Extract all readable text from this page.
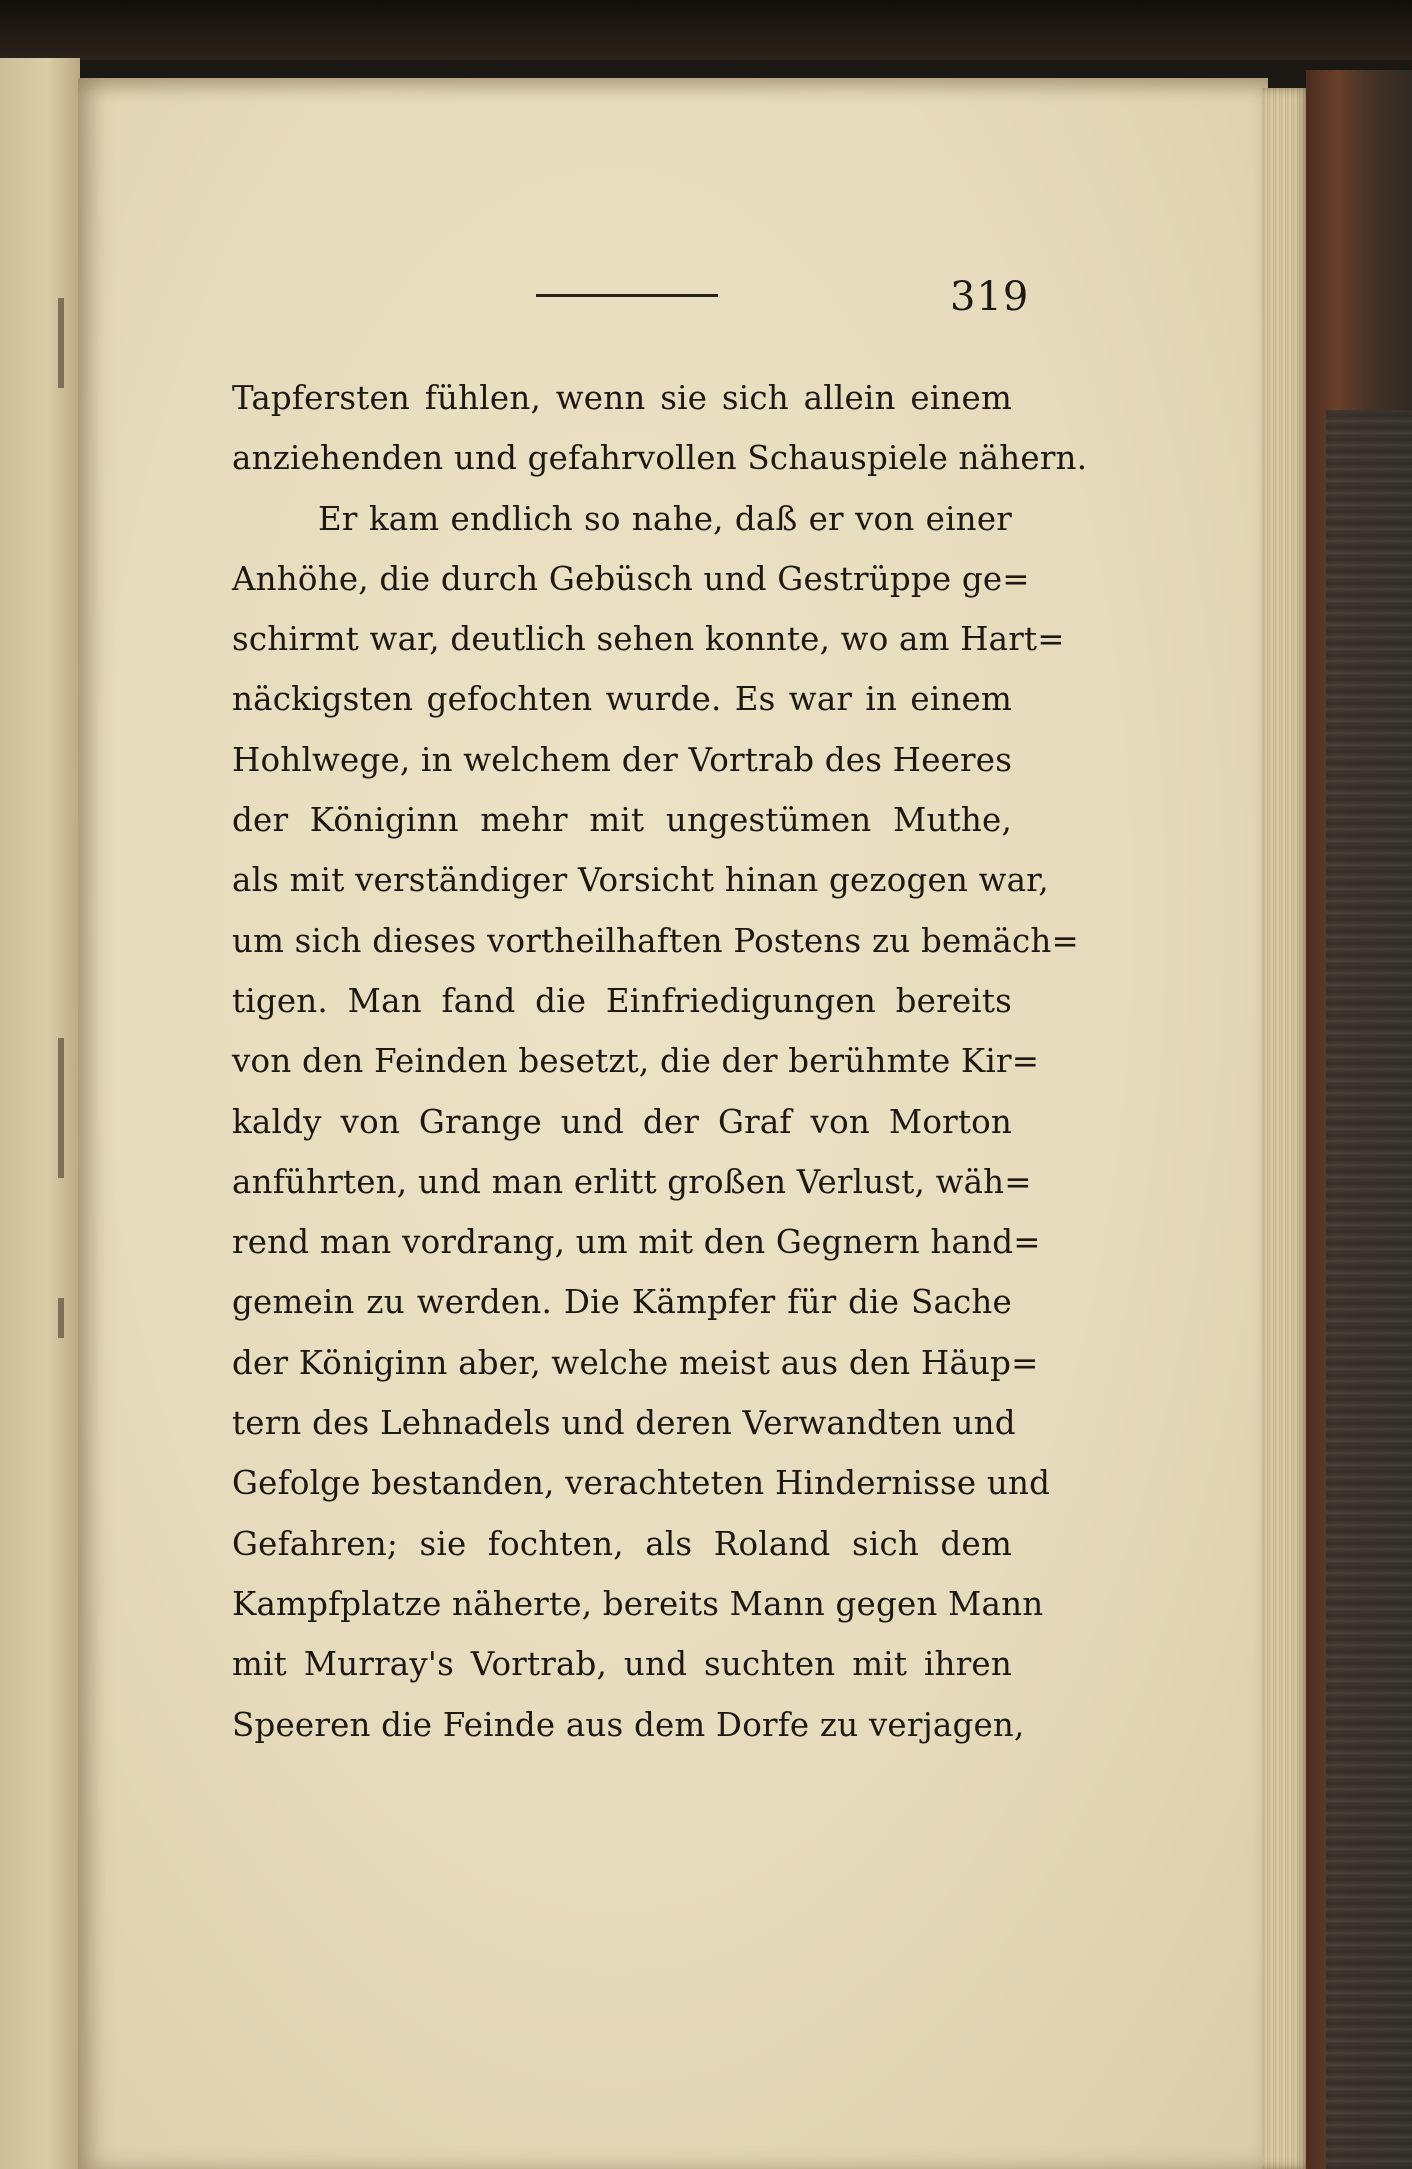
319
Tapfersten fühlen, wenn sie sich allein einem
anziehenden und gefahrvollen Schauspiele nähern.
Er kam endlich so nahe, daß er von einer
Anhöhe, die durch Gebüsch und Gestrüppe ge=
schirmt war, deutlich sehen konnte, wo am Hart=
näckigsten gefochten wurde. Es war in einem
Hohlwege, in welchem der Vortrab des Heeres
der Königinn mehr mit ungestümen Muthe,
als mit verständiger Vorsicht hinan gezogen war,
um sich dieses vortheilhaften Postens zu bemäch=
tigen. Man fand die Einfriedigungen bereits
von den Feinden besetzt, die der berühmte Kir=
kaldy von Grange und der Graf von Morton
anführten, und man erlitt großen Verlust, wäh=
rend man vordrang, um mit den Gegnern hand=
gemein zu werden. Die Kämpfer für die Sache
der Königinn aber, welche meist aus den Häup=
tern des Lehnadels und deren Verwandten und
Gefolge bestanden, verachteten Hindernisse und
Gefahren; sie fochten, als Roland sich dem
Kampfplatze näherte, bereits Mann gegen Mann
mit Murray's Vortrab, und suchten mit ihren
Speeren die Feinde aus dem Dorfe zu verjagen,
